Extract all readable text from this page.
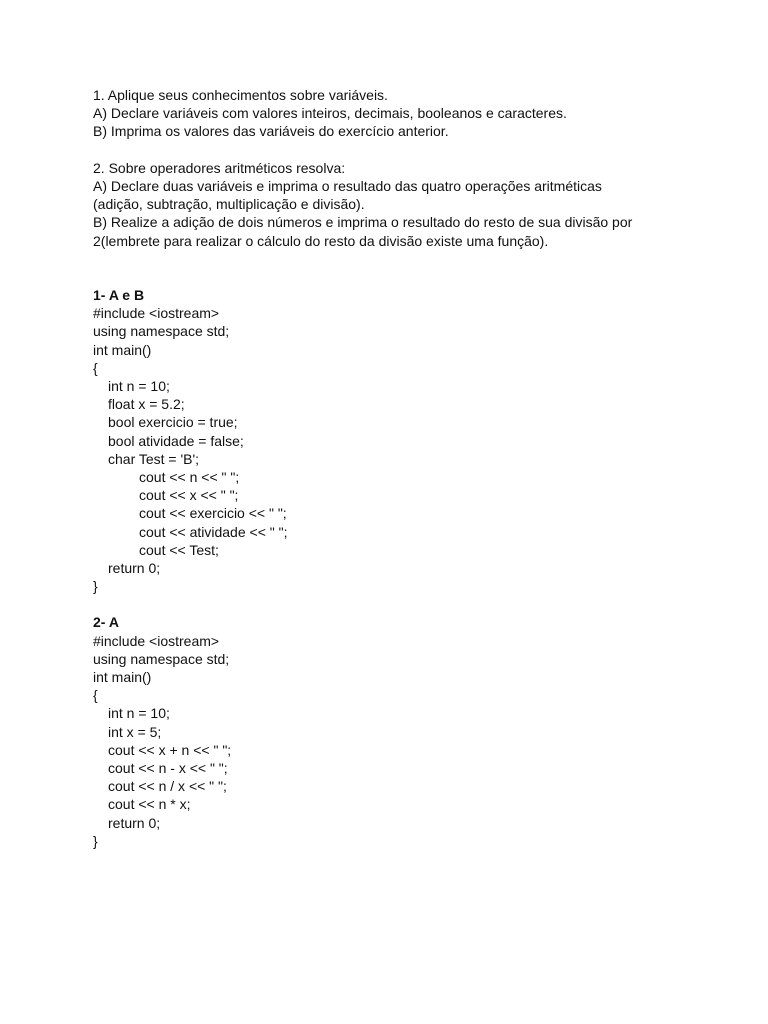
1. Aplique seus conhecimentos sobre variáveis.
A) Declare variáveis com valores inteiros, decimais, booleanos e caracteres.
B) Imprima os valores das variáveis do exercício anterior.
2. Sobre operadores aritméticos resolva:
A) Declare duas variáveis e imprima o resultado das quatro operações aritméticas
(adição, subtração, multiplicação e divisão).
B) Realize a adição de dois números e imprima o resultado do resto de sua divisão por
2(lembrete para realizar o cálculo do resto da divisão existe uma função).
1- A e B
#include <iostream>
using namespace std;
int main()
{
int n = 10;
float x = 5.2;
bool exercicio = true;
bool atividade = false;
char Test = 'B';
cout << n << " ";
cout << x << " ";
cout << exercicio << " ";
cout << atividade << " ";
cout << Test;
return 0;
}
2- A
#include <iostream>
using namespace std;
int main()
{
int n = 10;
int x = 5;
cout << x + n << " ";
cout << n - x << " ";
cout << n / x << " ";
cout << n * x;
return 0;
}
